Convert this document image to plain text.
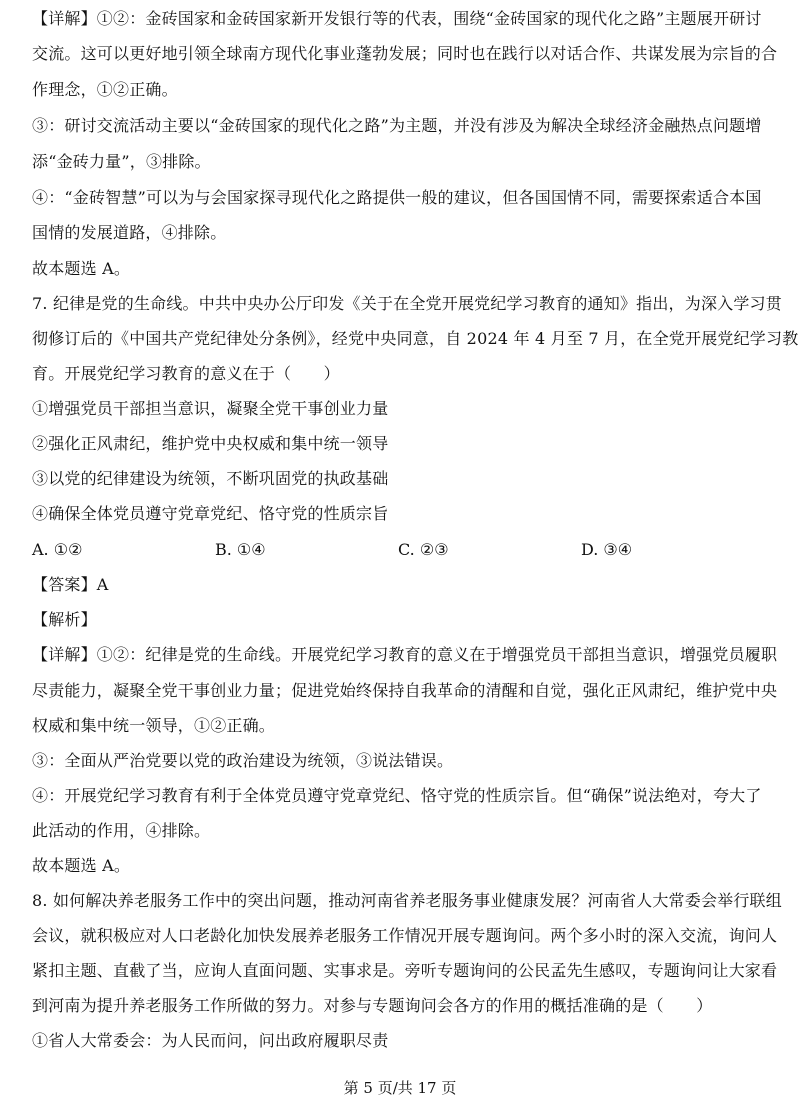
【详解】①②：金砖国家和金砖国家新开发银行等的代表，围绕“金砖国家的现代化之路”主题展开研讨
交流。这可以更好地引领全球南方现代化事业蓬勃发展；同时也在践行以对话合作、共谋发展为宗旨的合
作理念，①②正确。
③：研讨交流活动主要以“金砖国家的现代化之路”为主题，并没有涉及为解决全球经济金融热点问题增
添“金砖力量”，③排除。
④：“金砖智慧”可以为与会国家探寻现代化之路提供一般的建议，但各国国情不同，需要探索适合本国
国情的发展道路，④排除。
故本题选 A。
7. 纪律是党的生命线。中共中央办公厅印发《关于在全党开展党纪学习教育的通知》指出，为深入学习贯
彻修订后的《中国共产党纪律处分条例》，经党中央同意，自 2024 年 4 月至 7 月，在全党开展党纪学习教
育。开展党纪学习教育的意义在于（　　）
①增强党员干部担当意识，凝聚全党干事创业力量
②强化正风肃纪，维护党中央权威和集中统一领导
③以党的纪律建设为统领，不断巩固党的执政基础
④确保全体党员遵守党章党纪、恪守党的性质宗旨
A. ①②	B. ①④	C. ②③	D. ③④
【答案】A
【解析】
【详解】①②：纪律是党的生命线。开展党纪学习教育的意义在于增强党员干部担当意识，增强党员履职
尽责能力，凝聚全党干事创业力量；促进党始终保持自我革命的清醒和自觉，强化正风肃纪，维护党中央
权威和集中统一领导，①②正确。
③：全面从严治党要以党的政治建设为统领，③说法错误。
④：开展党纪学习教育有利于全体党员遵守党章党纪、恪守党的性质宗旨。但“确保”说法绝对，夸大了
此活动的作用，④排除。
故本题选 A。
8. 如何解决养老服务工作中的突出问题，推动河南省养老服务事业健康发展？河南省人大常委会举行联组
会议，就积极应对人口老龄化加快发展养老服务工作情况开展专题询问。两个多小时的深入交流，询问人
紧扣主题、直截了当，应询人直面问题、实事求是。旁听专题询问的公民孟先生感叹，专题询问让大家看
到河南为提升养老服务工作所做的努力。对参与专题询问会各方的作用的概括准确的是（　　）
①省人大常委会：为人民而问，问出政府履职尽责
第 5 页/共 17 页
